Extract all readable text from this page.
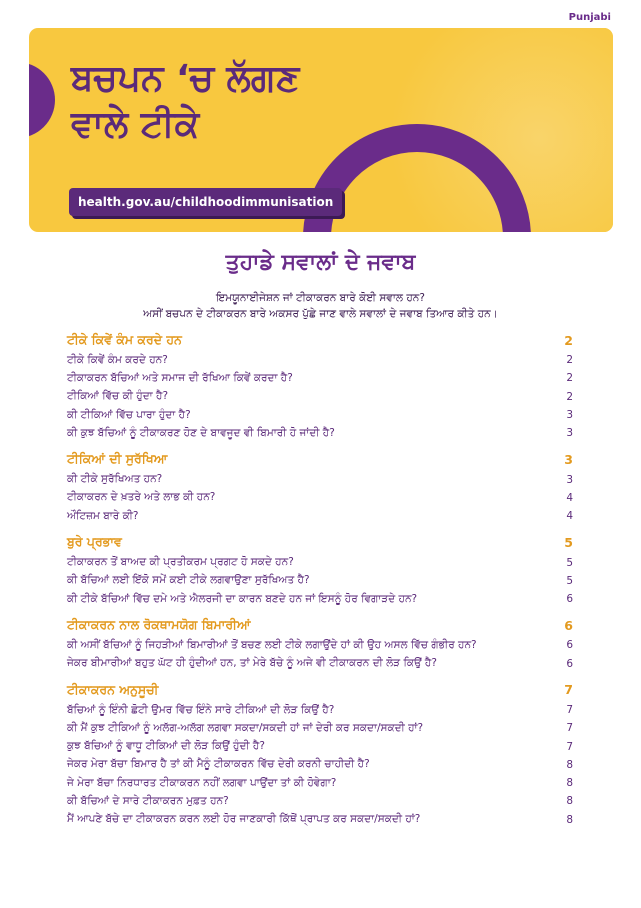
Punjabi
ਬਚਪਨ ‘ਚ ਲੱਗਣ
ਵਾਲੇ ਟੀਕੇ
health.gov.au/childhoodimmunisation
ਤੁਹਾਡੇ ਸਵਾਲਾਂ ਦੇ ਜਵਾਬ
ਇਮਯੂਨਾਈਜੇਸ਼ਨ ਜਾਂ ਟੀਕਾਕਰਨ ਬਾਰੇ ਕੋਈ ਸਵਾਲ ਹਨ?
ਅਸੀਂ ਬਚਪਨ ਦੇ ਟੀਕਾਕਰਨ ਬਾਰੇ ਅਕਸਰ ਪੁੱਛੇ ਜਾਣ ਵਾਲੇ ਸਵਾਲਾਂ ਦੇ ਜਵਾਬ ਤਿਆਰ ਕੀਤੇ ਹਨ।
ਟੀਕੇ ਕਿਵੇਂ ਕੰਮ ਕਰਦੇ ਹਨ	2
ਟੀਕੇ ਕਿਵੇਂ ਕੰਮ ਕਰਦੇ ਹਨ?	2
ਟੀਕਾਕਰਨ ਬੱਚਿਆਂ ਅਤੇ ਸਮਾਜ ਦੀ ਰੱਖਿਆ ਕਿਵੇਂ ਕਰਦਾ ਹੈ?	2
ਟੀਕਿਆਂ ਵਿੱਚ ਕੀ ਹੁੰਦਾ ਹੈ?	2
ਕੀ ਟੀਕਿਆਂ ਵਿੱਚ ਪਾਰਾ ਹੁੰਦਾ ਹੈ?	3
ਕੀ ਕੁਝ ਬੱਚਿਆਂ ਨੂੰ ਟੀਕਾਕਰਣ ਹੋਣ ਦੇ ਬਾਵਜੂਦ ਵੀ ਬਿਮਾਰੀ ਹੋ ਜਾਂਦੀ ਹੈ?	3
ਟੀਕਿਆਂ ਦੀ ਸੁਰੱਖਿਆ	3
ਕੀ ਟੀਕੇ ਸੁਰੱਖਿਅਤ ਹਨ?	3
ਟੀਕਾਕਰਨ ਦੇ ਖ਼ਤਰੇ ਅਤੇ ਲਾਭ ਕੀ ਹਨ?	4
ਔਟਿਜ਼ਮ ਬਾਰੇ ਕੀ?	4
ਬੁਰੇ ਪ੍ਰਭਾਵ	5
ਟੀਕਾਕਰਨ ਤੋਂ ਬਾਅਦ ਕੀ ਪ੍ਰਤੀਕਰਮ ਪ੍ਰਗਟ ਹੋ ਸਕਦੇ ਹਨ?	5
ਕੀ ਬੱਚਿਆਂ ਲਈ ਇੱਕੋ ਸਮੇਂ ਕਈ ਟੀਕੇ ਲਗਵਾਉਣਾ ਸੁਰੱਖਿਅਤ ਹੈ?	5
ਕੀ ਟੀਕੇ ਬੱਚਿਆਂ ਵਿੱਚ ਦਮੇ ਅਤੇ ਐਲਰਜੀ ਦਾ ਕਾਰਨ ਬਣਦੇ ਹਨ ਜਾਂ ਇਸਨੂੰ ਹੋਰ ਵਿਗਾੜਦੇ ਹਨ?	6
ਟੀਕਾਕਰਨ ਨਾਲ ਰੋਕਥਾਮਯੋਗ ਬਿਮਾਰੀਆਂ	6
ਕੀ ਅਸੀਂ ਬੱਚਿਆਂ ਨੂੰ ਜਿਹੜੀਆਂ ਬਿਮਾਰੀਆਂ ਤੋਂ ਬਚਣ ਲਈ ਟੀਕੇ ਲਗਾਉਂਦੇ ਹਾਂ ਕੀ ਉਹ ਅਸਲ ਵਿੱਚ ਗੰਭੀਰ ਹਨ?	6
ਜੇਕਰ ਬੀਮਾਰੀਆਂ ਬਹੁਤ ਘੱਟ ਹੀ ਹੁੰਦੀਆਂ ਹਨ, ਤਾਂ ਮੇਰੇ ਬੱਚੇ ਨੂੰ ਅਜੇ ਵੀ ਟੀਕਾਕਰਨ ਦੀ ਲੋੜ ਕਿਉਂ ਹੈ?	6
ਟੀਕਾਕਰਨ ਅਨੁਸੂਚੀ	7
ਬੱਚਿਆਂ ਨੂੰ ਇੰਨੀ ਛੋਟੀ ਉਮਰ ਵਿੱਚ ਇੰਨੇ ਸਾਰੇ ਟੀਕਿਆਂ ਦੀ ਲੋੜ ਕਿਉਂ ਹੈ?	7
ਕੀ ਮੈਂ ਕੁਝ ਟੀਕਿਆਂ ਨੂੰ ਅਲੱਗ-ਅਲੱਗ ਲਗਵਾ ਸਕਦਾ/ਸਕਦੀ ਹਾਂ ਜਾਂ ਦੇਰੀ ਕਰ ਸਕਦਾ/ਸਕਦੀ ਹਾਂ?	7
ਕੁਝ ਬੱਚਿਆਂ ਨੂੰ ਵਾਧੂ ਟੀਕਿਆਂ ਦੀ ਲੋੜ ਕਿਉਂ ਹੁੰਦੀ ਹੈ?	7
ਜੇਕਰ ਮੇਰਾ ਬੱਚਾ ਬਿਮਾਰ ਹੈ ਤਾਂ ਕੀ ਮੈਨੂੰ ਟੀਕਾਕਰਨ ਵਿੱਚ ਦੇਰੀ ਕਰਨੀ ਚਾਹੀਦੀ ਹੈ?	8
ਜੇ ਮੇਰਾ ਬੱਚਾ ਨਿਰਧਾਰਤ ਟੀਕਾਕਰਨ ਨਹੀਂ ਲਗਵਾ ਪਾਉਂਦਾ ਤਾਂ ਕੀ ਹੋਵੇਗਾ?	8
ਕੀ ਬੱਚਿਆਂ ਦੇ ਸਾਰੇ ਟੀਕਾਕਰਨ ਮੁਫ਼ਤ ਹਨ?	8
ਮੈਂ ਆਪਣੇ ਬੱਚੇ ਦਾ ਟੀਕਾਕਰਨ ਕਰਨ ਲਈ ਹੋਰ ਜਾਣਕਾਰੀ ਕਿੱਥੋਂ ਪ੍ਰਾਪਤ ਕਰ ਸਕਦਾ/ਸਕਦੀ ਹਾਂ?	8
